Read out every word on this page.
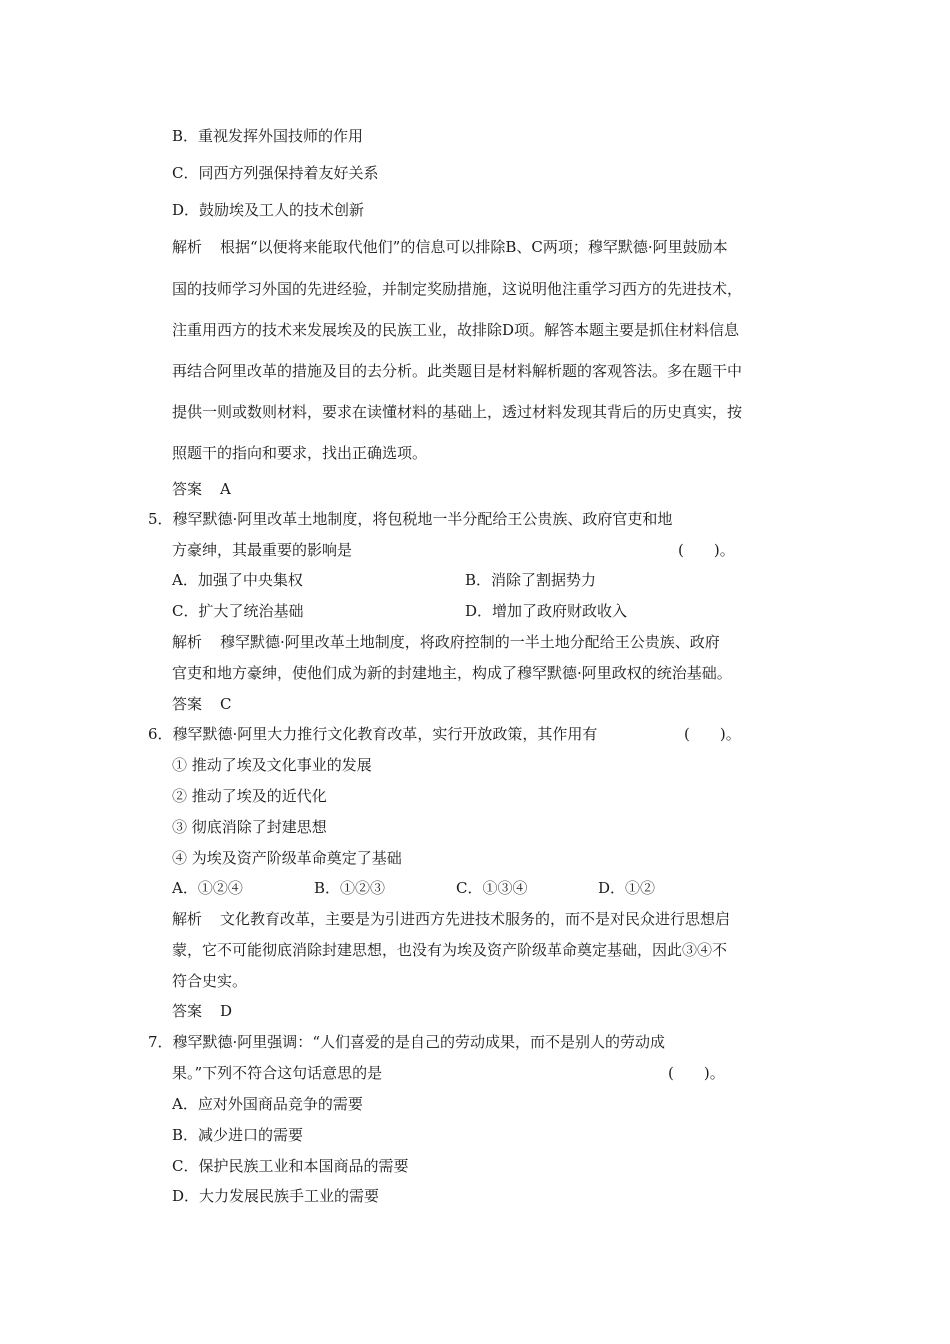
B．重视发挥外国技师的作用
C．同西方列强保持着友好关系
D．鼓励埃及工人的技术创新
解析 根据“以便将来能取代他们”的信息可以排除B、C两项；穆罕默德·阿里鼓励本
国的技师学习外国的先进经验，并制定奖励措施，这说明他注重学习西方的先进技术，
注重用西方的技术来发展埃及的民族工业，故排除D项。解答本题主要是抓住材料信息
再结合阿里改革的措施及目的去分析。此类题目是材料解析题的客观答法。多在题干中
提供一则或数则材料，要求在读懂材料的基础上，透过材料发现其背后的历史真实，按
照题干的指向和要求，找出正确选项。
答案 A
5．穆罕默德·阿里改革土地制度，将包税地一半分配给王公贵族、政府官吏和地
方豪绅，其最重要的影响是	(　　)。
A．加强了中央集权	B．消除了割据势力
C．扩大了统治基础	D．增加了政府财政收入
解析 穆罕默德·阿里改革土地制度，将政府控制的一半土地分配给王公贵族、政府
官吏和地方豪绅，使他们成为新的封建地主，构成了穆罕默德·阿里政权的统治基础。
答案 C
6．穆罕默德·阿里大力推行文化教育改革，实行开放政策，其作用有	(　　)。
① 推动了埃及文化事业的发展
② 推动了埃及的近代化
③ 彻底消除了封建思想
④ 为埃及资产阶级革命奠定了基础
A．①②④	B．①②③	C．①③④	D．①②
解析 文化教育改革，主要是为引进西方先进技术服务的，而不是对民众进行思想启
蒙，它不可能彻底消除封建思想，也没有为埃及资产阶级革命奠定基础，因此③④不
符合史实。
答案 D
7．穆罕默德·阿里强调：“人们喜爱的是自己的劳动成果，而不是别人的劳动成
果。”下列不符合这句话意思的是	(　　)。
A．应对外国商品竞争的需要
B．减少进口的需要
C．保护民族工业和本国商品的需要
D．大力发展民族手工业的需要
